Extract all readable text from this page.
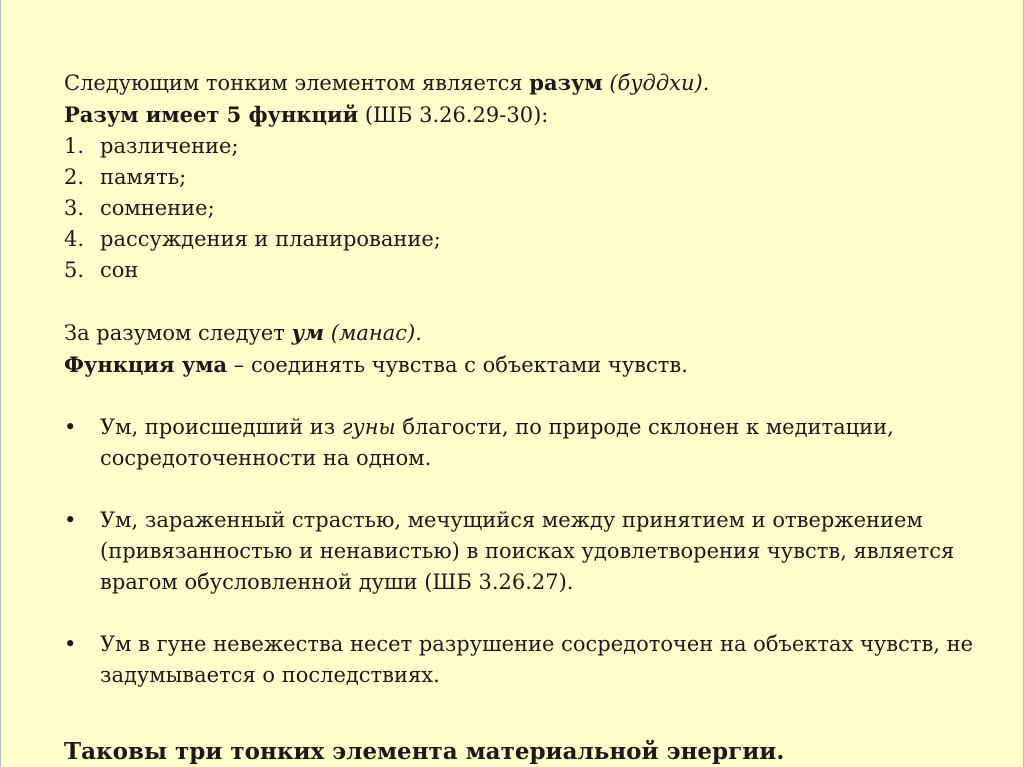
Следующим тонким элементом является разум (буддхи).

Разум имеет 5 функций (ШБ 3.26.29-30):

1. различение;
2. память;
3. сомнение;
4. рассуждения и планирование;
5. сон

За разумом следует ум (манас).

Функция ума – соединять чувства с объектами чувств.

•	Ум, происшедший из гуны благости, по природе склонен к медитации, сосредоточенности на одном.
•	Ум, зараженный страстью, мечущийся между принятием и отвержением (привязанностью и ненавистью) в поисках удовлетворения чувств, является врагом обусловленной души (ШБ 3.26.27).
•	Ум в гуне невежества несет разрушение сосредоточен на объектах чувств, не задумывается о последствиях.
Таковы три тонких элемента материальной энергии.
